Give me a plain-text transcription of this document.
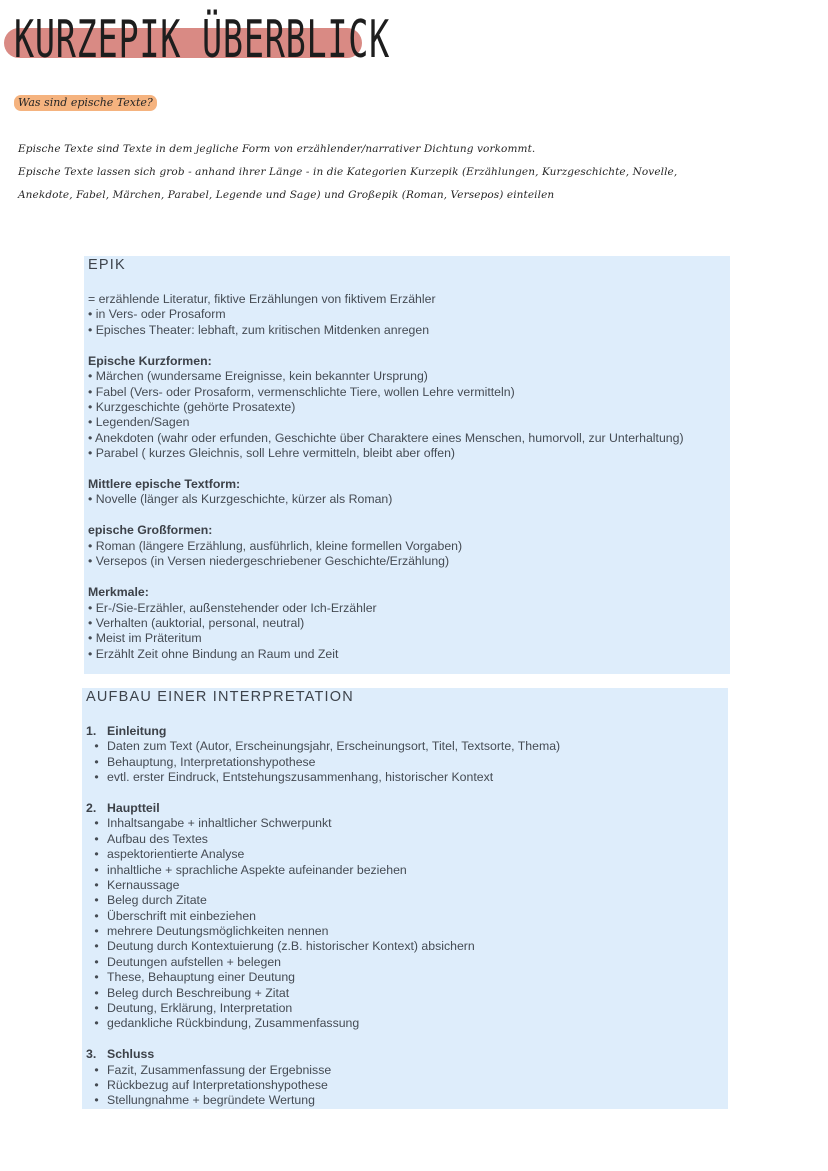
KURZEPIK ÜBERBLICK
Was sind epische Texte?
Epische Texte sind Texte in dem jegliche Form von erzählender/narrativer Dichtung vorkommt.
Epische Texte lassen sich grob - anhand ihrer Länge - in die Kategorien Kurzepik (Erzählungen, Kurzgeschichte, Novelle,
Anekdote, Fabel, Märchen, Parabel, Legende und Sage) und Großepik (Roman, Versepos) einteilen
EPIK
= erzählende Literatur, fiktive Erzählungen von fiktivem Erzähler
• in Vers- oder Prosaform
• Episches Theater: lebhaft, zum kritischen Mitdenken anregen
Epische Kurzformen:
• Märchen (wundersame Ereignisse, kein bekannter Ursprung)
• Fabel (Vers- oder Prosaform, vermenschlichte Tiere, wollen Lehre vermitteln)
• Kurzgeschichte (gehörte Prosatexte)
• Legenden/Sagen
• Anekdoten (wahr oder erfunden, Geschichte über Charaktere eines Menschen, humorvoll, zur Unterhaltung)
• Parabel ( kurzes Gleichnis, soll Lehre vermitteln, bleibt aber offen)
Mittlere epische Textform:
• Novelle (länger als Kurzgeschichte, kürzer als Roman)
epische Großformen:
• Roman (längere Erzählung, ausführlich, kleine formellen Vorgaben)
• Versepos (in Versen niedergeschriebener Geschichte/Erzählung)
Merkmale:
• Er-/Sie-Erzähler, außenstehender oder Ich-Erzähler
• Verhalten (auktorial, personal, neutral)
• Meist im Präteritum
• Erzählt Zeit ohne Bindung an Raum und Zeit
AUFBAU EINER INTERPRETATION
1. Einleitung
• Daten zum Text (Autor, Erscheinungsjahr, Erscheinungsort, Titel, Textsorte, Thema)
• Behauptung, Interpretationshypothese
• evtl. erster Eindruck, Entstehungszusammenhang, historischer Kontext
2. Hauptteil
• Inhaltsangabe + inhaltlicher Schwerpunkt
• Aufbau des Textes
• aspektorientierte Analyse
• inhaltliche + sprachliche Aspekte aufeinander beziehen
• Kernaussage
• Beleg durch Zitate
• Überschrift mit einbeziehen
• mehrere Deutungsmöglichkeiten nennen
• Deutung durch Kontextuierung (z.B. historischer Kontext) absichern
• Deutungen aufstellen + belegen
• These, Behauptung einer Deutung
• Beleg durch Beschreibung + Zitat
• Deutung, Erklärung, Interpretation
• gedankliche Rückbindung, Zusammenfassung
3. Schluss
• Fazit, Zusammenfassung der Ergebnisse
• Rückbezug auf Interpretationshypothese
• Stellungnahme + begründete Wertung
